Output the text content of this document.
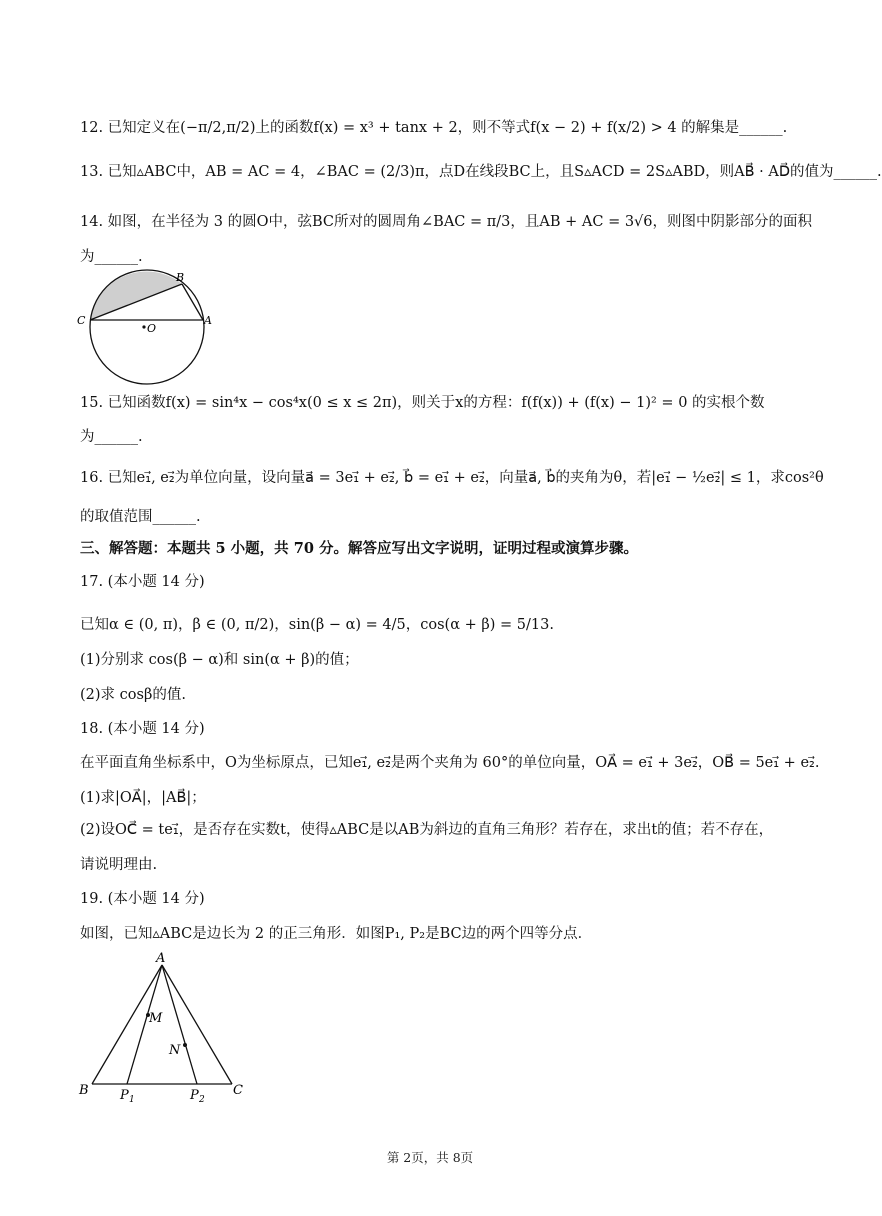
12. 已知定义在(−π/2,π/2)上的函数f(x) = x³ + tanx + 2，则不等式f(x − 2) + f(x/2) > 4 的解集是______.
13. 已知▵ABC中，AB = AC = 4，∠BAC = (2/3)π，点D在线段BC上，且S▵ACD = 2S▵ABD，则AB⃗ · AD⃗的值为______.
14. 如图，在半径为 3 的圆O中，弦BC所对的圆周角∠BAC = π/3，且AB + AC = 3√6，则图中阴影部分的面积
为______.
B
C	A
O
15. 已知函数f(x) = sin⁴x − cos⁴x(0 ≤ x ≤ 2π)，则关于x的方程：f(f(x)) + (f(x) − 1)² = 0 的实根个数
为______.
16. 已知e₁⃗, e₂⃗为单位向量，设向量a⃗ = 3e₁⃗ + e₂⃗, b⃗ = e₁⃗ + e₂⃗，向量a⃗, b⃗的夹角为θ，若|e₁⃗ − ½e₂⃗| ≤ 1，求cos²θ
的取值范围______.
三、解答题：本题共 5 小题，共 70 分。解答应写出文字说明，证明过程或演算步骤。
17. (本小题 14 分)
已知α ∈ (0, π)，β ∈ (0, π/2)，sin(β − α) = 4/5，cos(α + β) = 5/13.
(1)分别求 cos(β − α)和 sin(α + β)的值；
(2)求 cosβ的值.
18. (本小题 14 分)
在平面直角坐标系中，O为坐标原点，已知e₁⃗, e₂⃗是两个夹角为 60°的单位向量，OA⃗ = e₁⃗ + 3e₂⃗，OB⃗ = 5e₁⃗ + e₂⃗.
(1)求|OA⃗|，|AB⃗|；
(2)设OC⃗ = te₁⃗，是否存在实数t，使得▵ABC是以AB为斜边的直角三角形？若存在，求出t的值；若不存在，
请说明理由.
19. (本小题 14 分)
如图，已知▵ABC是边长为 2 的正三角形．如图P₁, P₂是BC边的两个四等分点．
A
M
N
B	C
P 1	P 2
第 2页，共 8页
